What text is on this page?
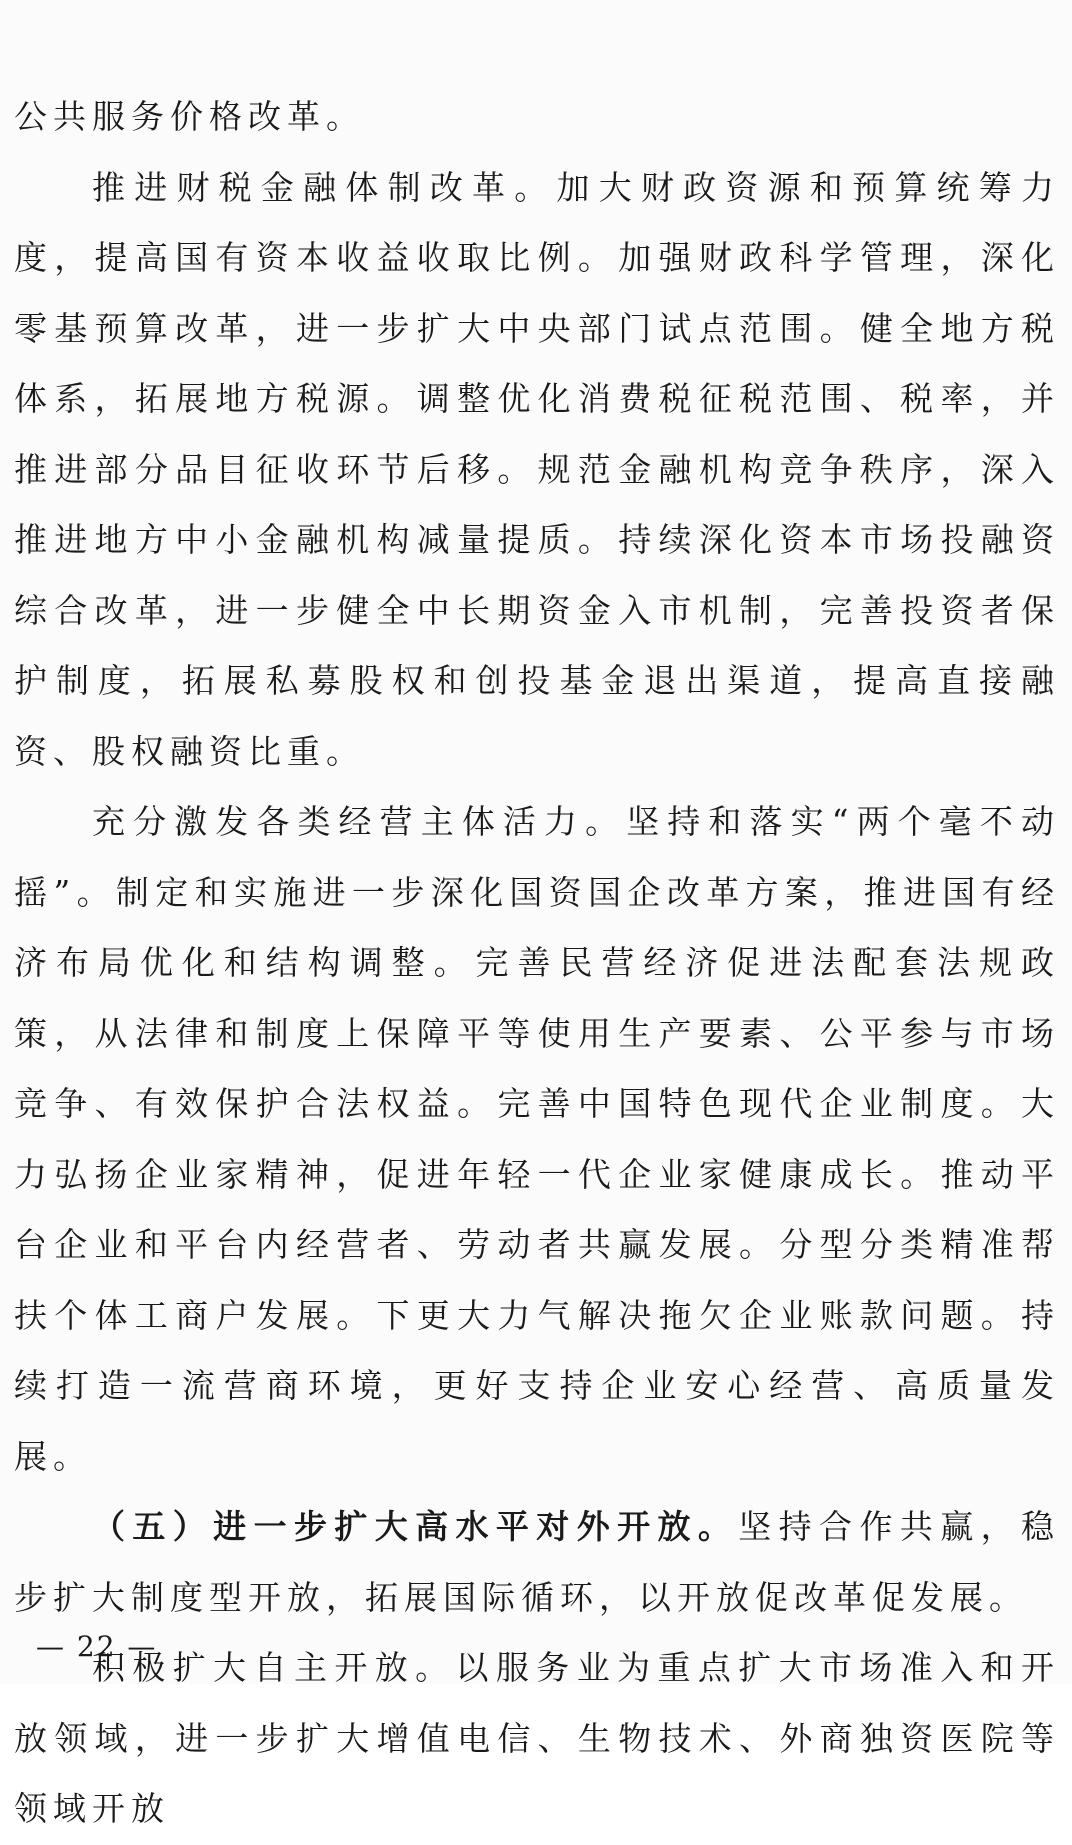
公共服务价格改革。

推进财税金融体制改革。加大财政资源和预算统筹力度，提高国有资本收益收取比例。加强财政科学管理，深化零基预算改革，进一步扩大中央部门试点范围。健全地方税体系，拓展地方税源。调整优化消费税征税范围、税率，并推进部分品目征收环节后移。规范金融机构竞争秩序，深入推进地方中小金融机构减量提质。持续深化资本市场投融资综合改革，进一步健全中长期资金入市机制，完善投资者保护制度，拓展私募股权和创投基金退出渠道，提高直接融资、股权融资比重。

充分激发各类经营主体活力。坚持和落实“两个毫不动摇”。制定和实施进一步深化国资国企改革方案，推进国有经济布局优化和结构调整。完善民营经济促进法配套法规政策，从法律和制度上保障平等使用生产要素、公平参与市场竞争、有效保护合法权益。完善中国特色现代企业制度。大力弘扬企业家精神，促进年轻一代企业家健康成长。推动平台企业和平台内经营者、劳动者共赢发展。分型分类精准帮扶个体工商户发展。下更大力气解决拖欠企业账款问题。持续打造一流营商环境，更好支持企业安心经营、高质量发展。

（五）进一步扩大高水平对外开放。坚持合作共赢，稳步扩大制度型开放，拓展国际循环，以开放促改革促发展。

积极扩大自主开放。以服务业为重点扩大市场准入和开放领域，进一步扩大增值电信、生物技术、外商独资医院等领域开放

— 22 —
